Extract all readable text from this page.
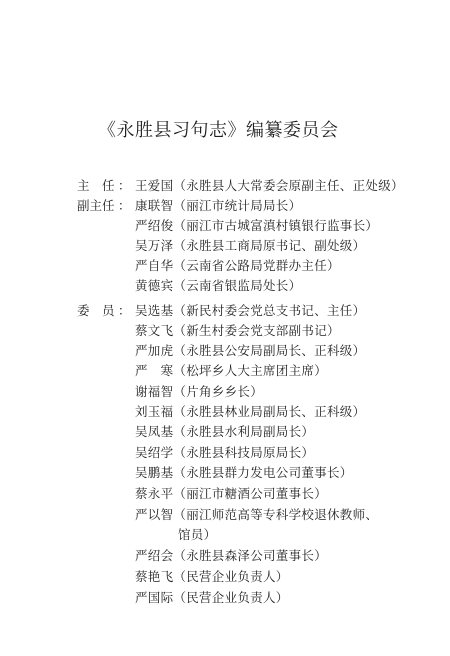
《永胜县习句志》编纂委员会
主　任 ： 王爱国（永胜县人大常委会原副主任、正处级）
副主任 ： 康联智（丽江市统计局局长）
严绍俊（丽江市古城富滇村镇银行监事长）
吴万泽（永胜县工商局原书记、副处级）
严自华（云南省公路局党群办主任）
黄德宾（云南省银监局处长）
委　员 ： 吴选基（新民村委会党总支书记、主任）
蔡文飞（新生村委会党支部副书记）
严加虎（永胜县公安局副局长、正科级）
严　寒（松坪乡人大主席团主席）
谢福智（片角乡乡长）
刘玉福（永胜县林业局副局长、正科级）
吴凤基（永胜县水利局副局长）
吴绍学（永胜县科技局原局长）
吴鹏基（永胜县群力发电公司董事长）
蔡永平（丽江市糖酒公司董事长）
严以智（丽江师范高等专科学校退休教师、
馆员）
严绍会（永胜县森泽公司董事长）
蔡艳飞（民营企业负责人）
严国际（民营企业负责人）
